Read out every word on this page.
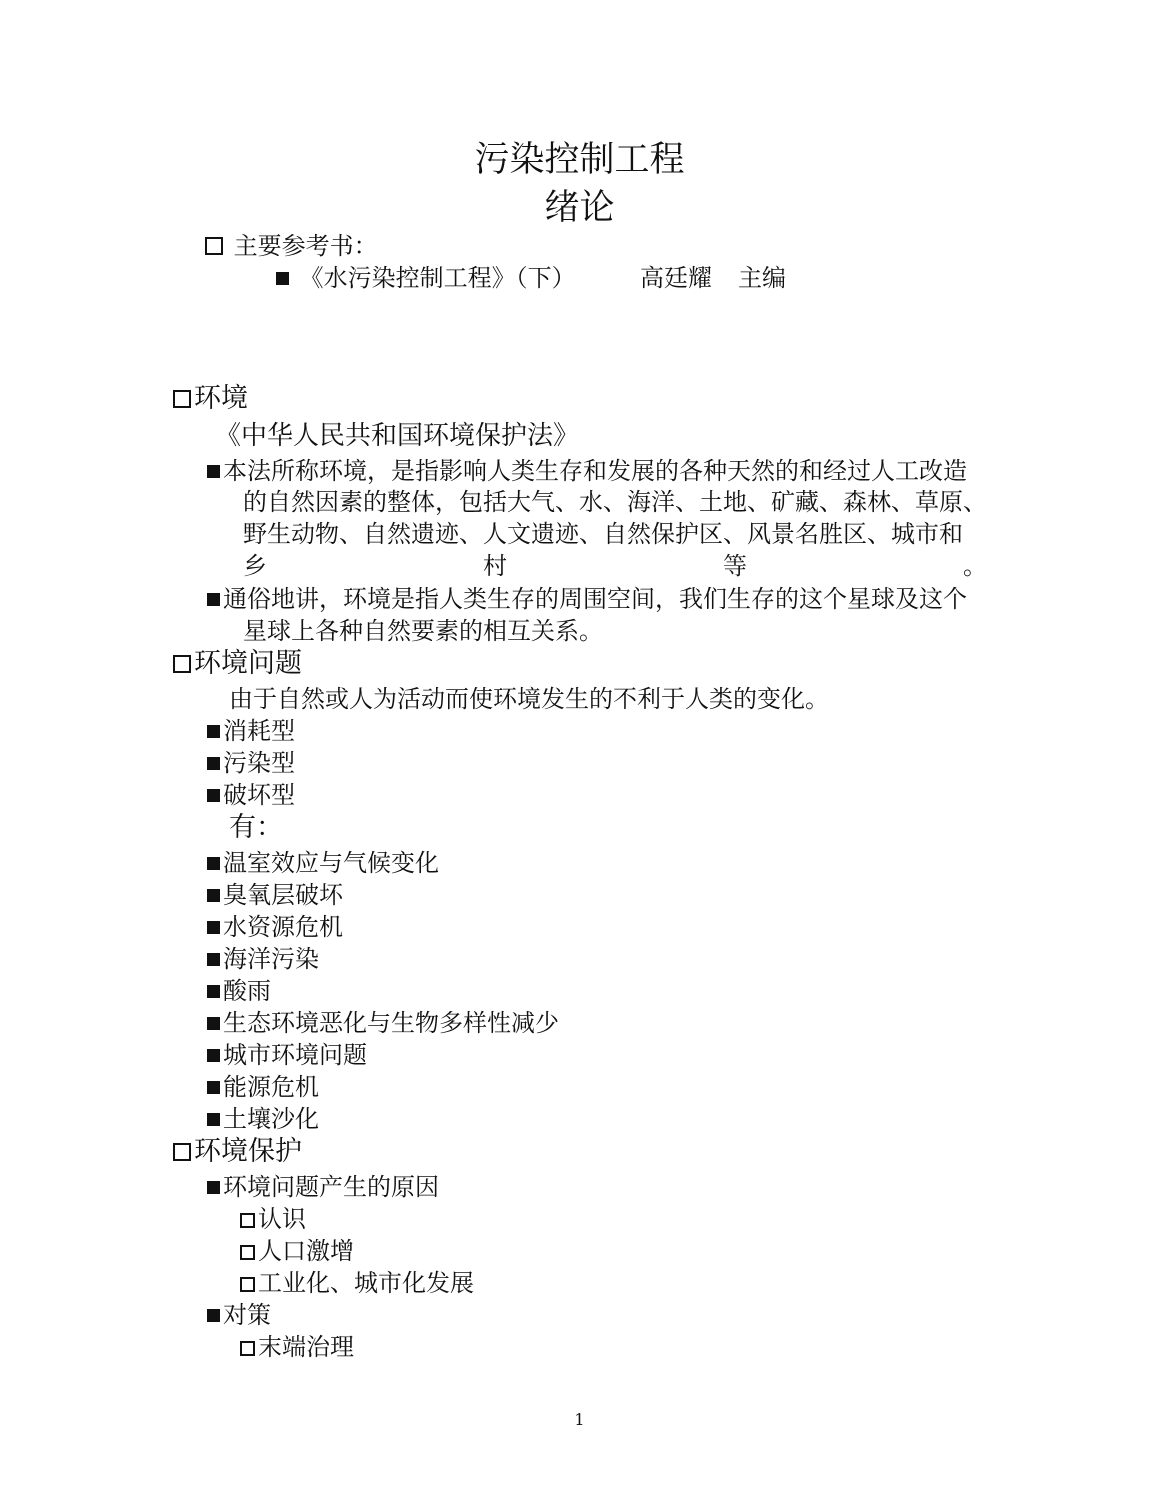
污染控制工程
绪论
主要参考书：
《水污染控制工程》（下）	高廷耀 主编
环境
《中华人民共和国环境保护法》
本法所称环境，是指影响人类生存和发展的各种天然的和经过人工改造
的自然因素的整体，包括大气、水、海洋、土地、矿藏、森林、草原、
野生动物、自然遗迹、人文遗迹、自然保护区、风景名胜区、城市和
乡	村	等	。
通俗地讲，环境是指人类生存的周围空间，我们生存的这个星球及这个
星球上各种自然要素的相互关系。
环境问题
由于自然或人为活动而使环境发生的不利于人类的变化。
消耗型
污染型
破坏型
有：
温室效应与气候变化
臭氧层破坏
水资源危机
海洋污染
酸雨
生态环境恶化与生物多样性减少
城市环境问题
能源危机
土壤沙化
环境保护
环境问题产生的原因
认识
人口激增
工业化、城市化发展
对策
末端治理
1
